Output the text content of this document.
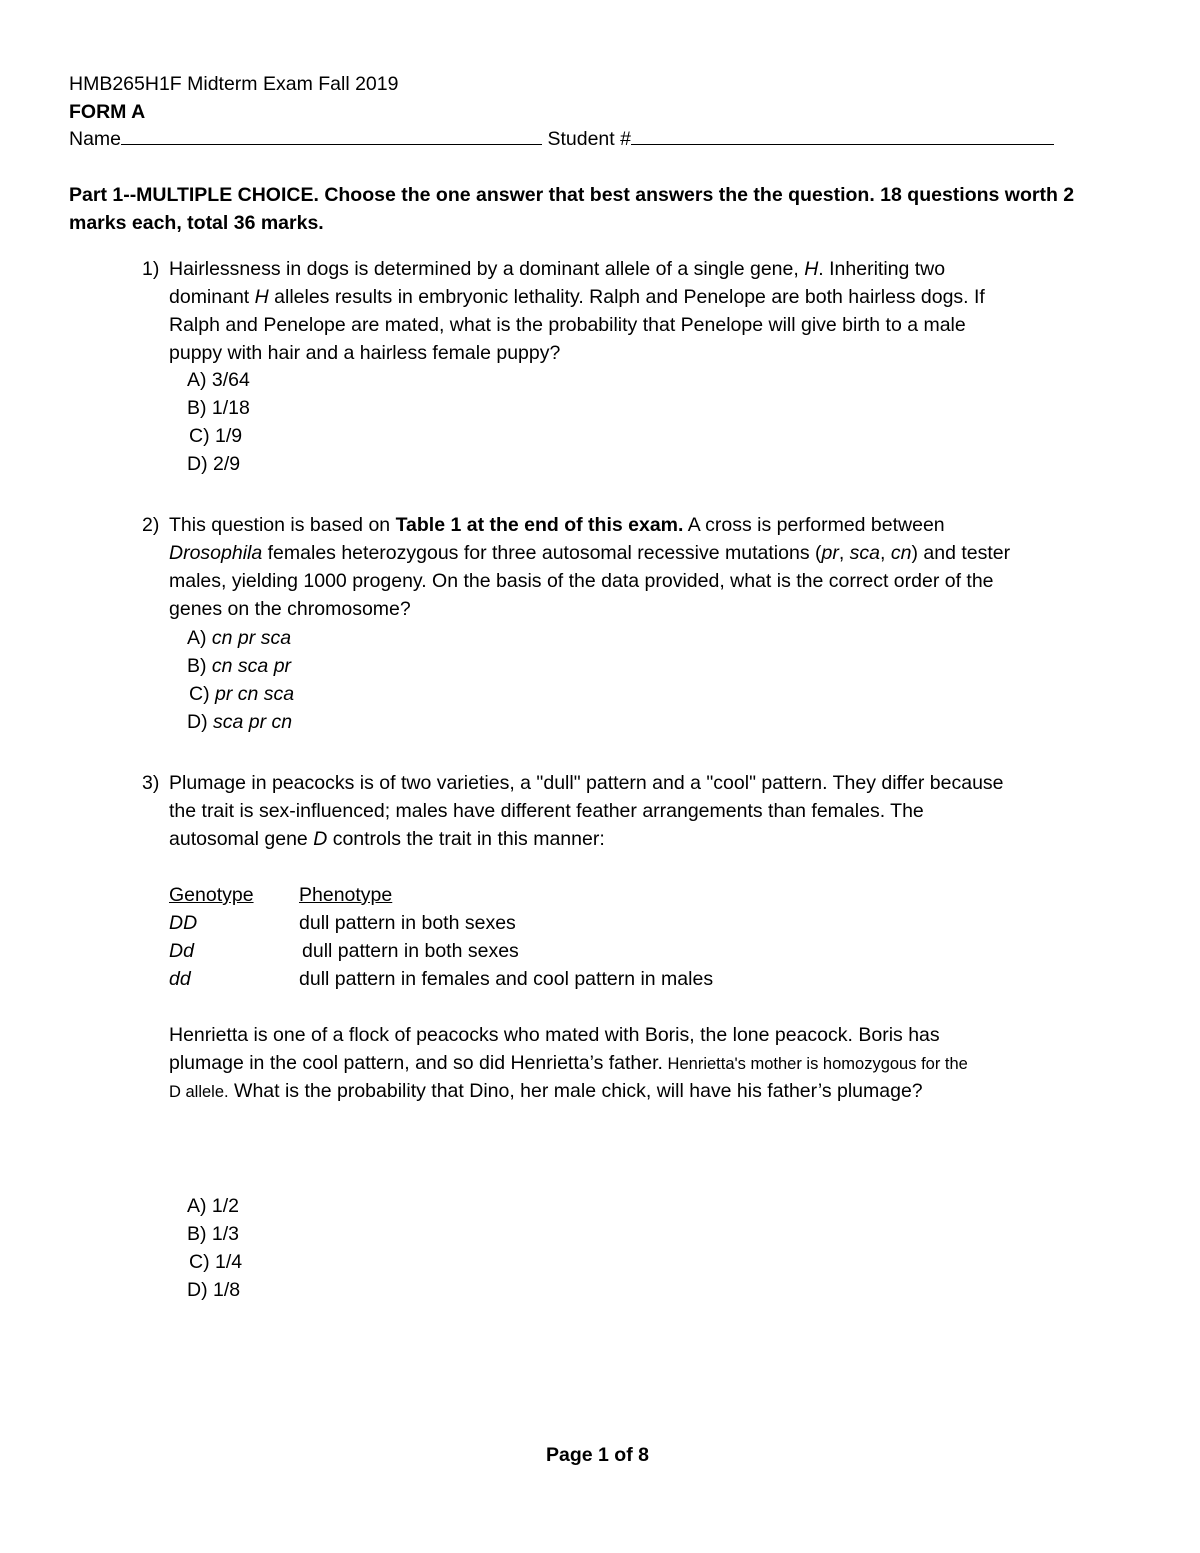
HMB265H1F Midterm Exam Fall 2019
FORM A
Name	Student #
Part 1--MULTIPLE CHOICE. Choose the one answer that best answers the the question. 18 questions worth 2
marks each, total 36 marks.
1) Hairlessness in dogs is determined by a dominant allele of a single gene, H. Inheriting two
dominant H alleles results in embryonic lethality. Ralph and Penelope are both hairless dogs. If
Ralph and Penelope are mated, what is the probability that Penelope will give birth to a male
puppy with hair and a hairless female puppy?
A) 3/64
B) 1/18
C) 1/9
D) 2/9
2) This question is based on Table 1 at the end of this exam. A cross is performed between
Drosophila females heterozygous for three autosomal recessive mutations (pr, sca, cn) and tester
males, yielding 1000 progeny. On the basis of the data provided, what is the correct order of the
genes on the chromosome?
A) cn pr sca
B) cn sca pr
C) pr cn sca
D) sca pr cn
3) Plumage in peacocks is of two varieties, a "dull" pattern and a "cool" pattern. They differ because
the trait is sex-influenced; males have different feather arrangements than females. The
autosomal gene D controls the trait in this manner:
Genotype Phenotype
DD	dull pattern in both sexes
Dd	dull pattern in both sexes
dd	dull pattern in females and cool pattern in males
Henrietta is one of a flock of peacocks who mated with Boris, the lone peacock. Boris has
plumage in the cool pattern, and so did Henrietta’s father. Henrietta's mother is homozygous for the
D allele. What is the probability that Dino, her male chick, will have his father’s plumage?
A) 1/2
B) 1/3
C) 1/4
D) 1/8
Page 1 of 8
